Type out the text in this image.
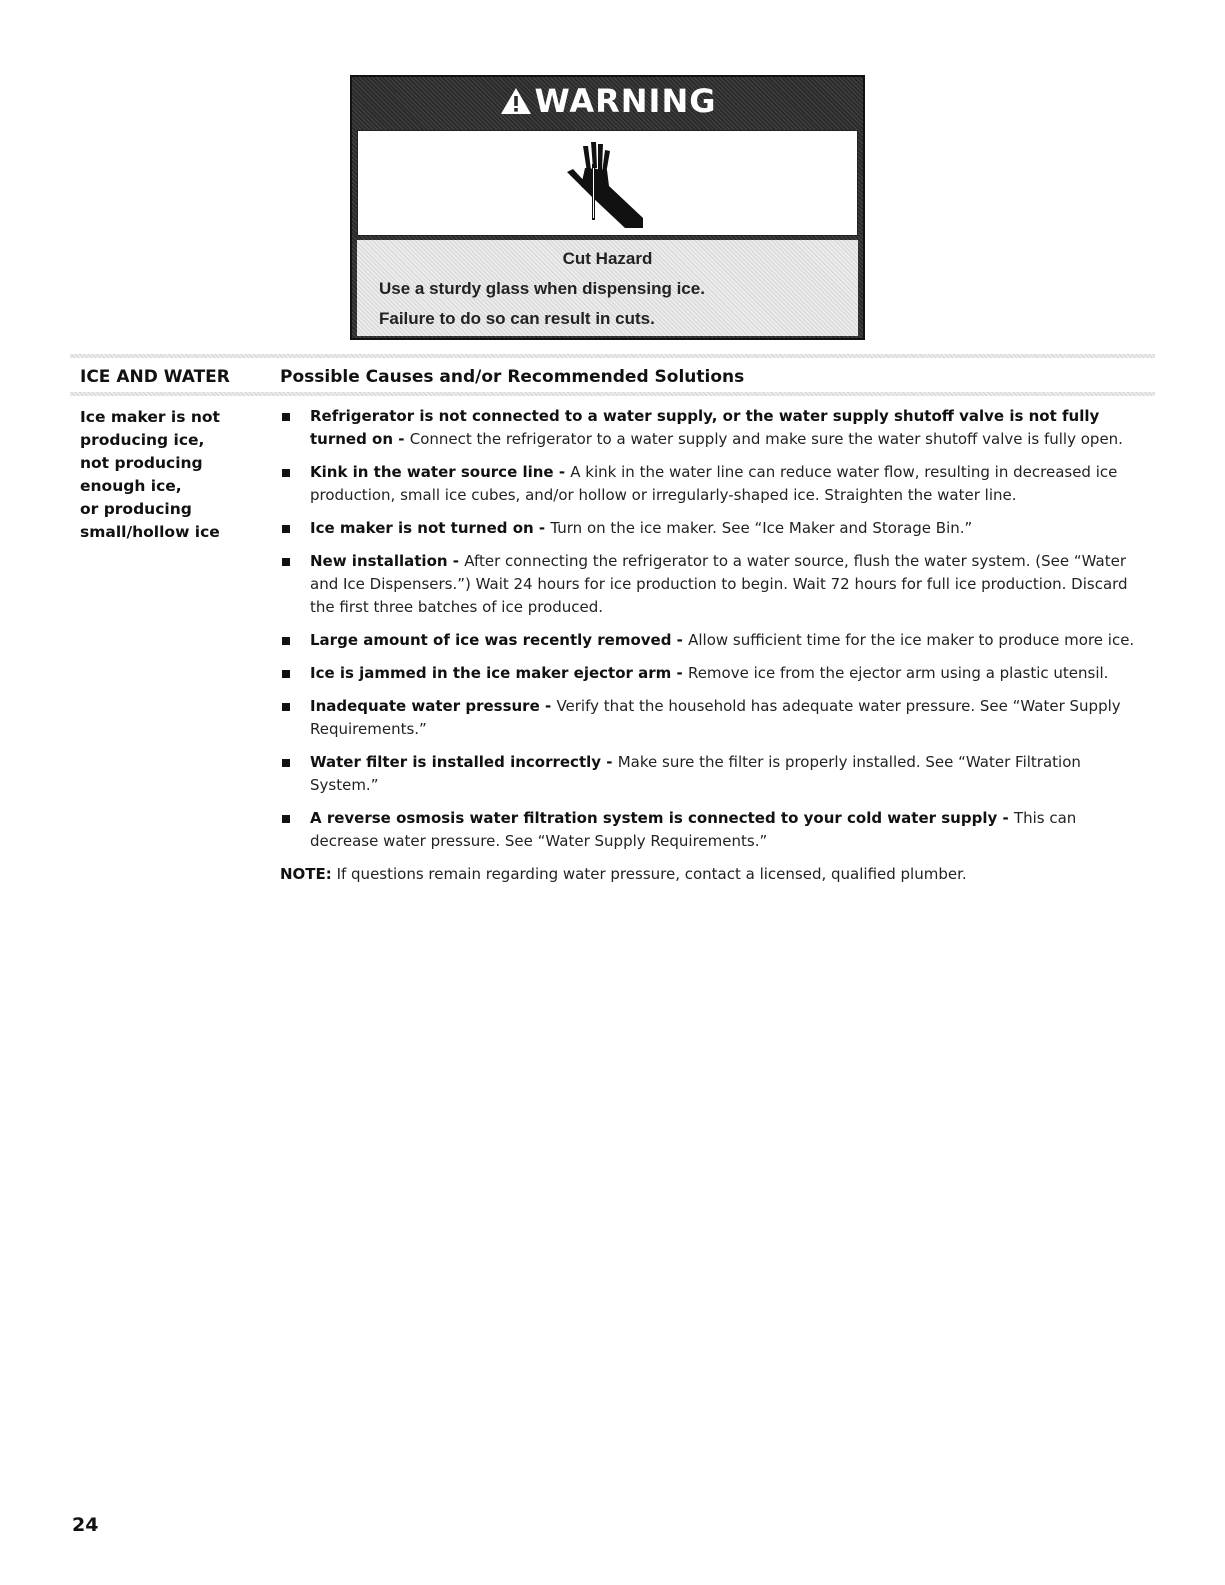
WARNING
Cut Hazard
Use a sturdy glass when dispensing ice.
Failure to do so can result in cuts.
ICE AND WATER	Possible Causes and/or Recommended Solutions
Ice maker is not
producing ice,
not producing
enough ice,
or producing
small/hollow ice
Refrigerator is not connected to a water supply, or the water supply shutoff valve is not fully turned on - Connect the refrigerator to a water supply and make sure the water shutoff valve is fully open.
Kink in the water source line - A kink in the water line can reduce water flow, resulting in decreased ice production, small ice cubes, and/or hollow or irregularly-shaped ice. Straighten the water line.
Ice maker is not turned on - Turn on the ice maker. See “Ice Maker and Storage Bin.”
New installation - After connecting the refrigerator to a water source, flush the water system. (See “Water and Ice Dispensers.”) Wait 24 hours for ice production to begin. Wait 72 hours for full ice production. Discard the first three batches of ice produced.
Large amount of ice was recently removed - Allow sufficient time for the ice maker to produce more ice.
Ice is jammed in the ice maker ejector arm - Remove ice from the ejector arm using a plastic utensil.
Inadequate water pressure - Verify that the household has adequate water pressure. See “Water Supply Requirements.”
Water filter is installed incorrectly - Make sure the filter is properly installed. See “Water Filtration System.”
A reverse osmosis water filtration system is connected to your cold water supply - This can decrease water pressure. See “Water Supply Requirements.”
NOTE: If questions remain regarding water pressure, contact a licensed, qualified plumber.
24
